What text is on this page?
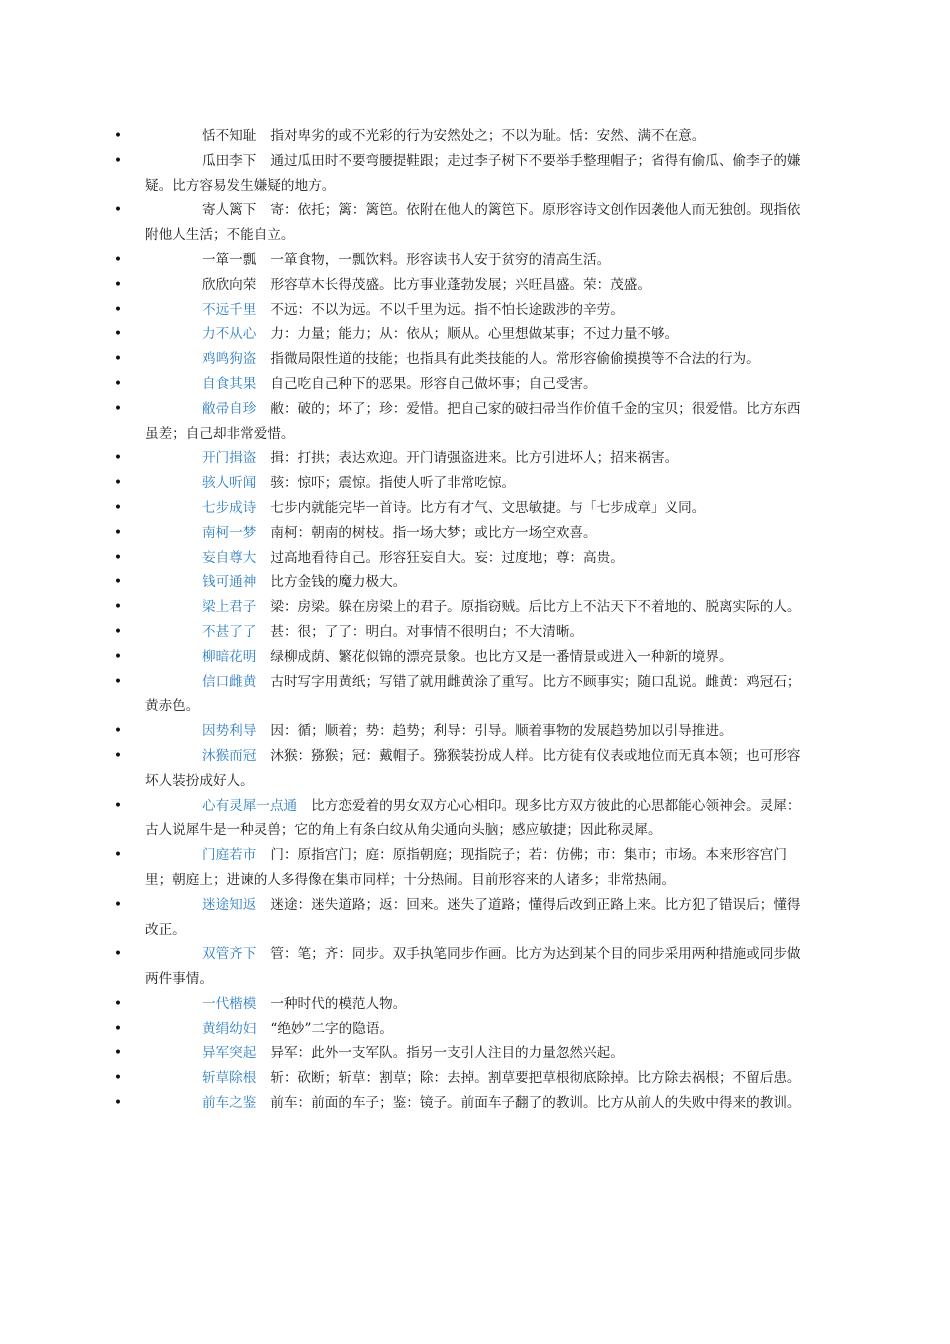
•	恬不知耻 指对卑劣的或不光彩的行为安然处之；不以为耻。恬：安然、满不在意。
•	瓜田李下 通过瓜田时不要弯腰提鞋跟；走过李子树下不要举手整理帽子；省得有偷瓜、偷李子的嫌疑。比方容易发生嫌疑的地方。
•	寄人篱下 寄：依托；篱：篱笆。依附在他人的篱笆下。原形容诗文创作因袭他人而无独创。现指依附他人生活；不能自立。
•	一箪一瓢 一箪食物，一瓢饮料。形容读书人安于贫穷的清高生活。
•	欣欣向荣 形容草木长得茂盛。比方事业蓬勃发展；兴旺昌盛。荣：茂盛。
•	不远千里 不远：不以为远。不以千里为远。指不怕长途跋涉的辛劳。
•	力不从心 力：力量；能力；从：依从；顺从。心里想做某事；不过力量不够。
•	鸡鸣狗盗 指微局限性道的技能；也指具有此类技能的人。常形容偷偷摸摸等不合法的行为。
•	自食其果 自己吃自己种下的恶果。形容自己做坏事；自己受害。
•	敝帚自珍 敝：破的；坏了；珍：爱惜。把自己家的破扫帚当作价值千金的宝贝；很爱惜。比方东西虽差；自己却非常爱惜。
•	开门揖盗 揖：打拱；表达欢迎。开门请强盗进来。比方引进坏人；招来祸害。
•	骇人听闻 骇：惊吓；震惊。指使人听了非常吃惊。
•	七步成诗 七步内就能完毕一首诗。比方有才气、文思敏捷。与「七步成章」义同。
•	南柯一梦 南柯：朝南的树枝。指一场大梦；或比方一场空欢喜。
•	妄自尊大 过高地看待自己。形容狂妄自大。妄：过度地；尊：高贵。
•	钱可通神 比方金钱的魔力极大。
•	梁上君子 梁：房梁。躲在房梁上的君子。原指窃贼。后比方上不沾天下不着地的、脱离实际的人。
•	不甚了了 甚：很；了了：明白。对事情不很明白；不大清晰。
•	柳暗花明 绿柳成荫、繁花似锦的漂亮景象。也比方又是一番情景或进入一种新的境界。
•	信口雌黄 古时写字用黄纸；写错了就用雌黄涂了重写。比方不顾事实；随口乱说。雌黄：鸡冠石；黄赤色。
•	因势利导 因：循；顺着；势：趋势；利导：引导。顺着事物的发展趋势加以引导推进。
•	沐猴而冠 沐猴：猕猴；冠：戴帽子。猕猴装扮成人样。比方徒有仪表或地位而无真本领；也可形容坏人装扮成好人。
•	心有灵犀一点通 比方恋爱着的男女双方心心相印。现多比方双方彼此的心思都能心领神会。灵犀：古人说犀牛是一种灵兽；它的角上有条白纹从角尖通向头脑；感应敏捷；因此称灵犀。
•	门庭若市 门：原指宫门；庭：原指朝庭；现指院子；若：仿佛；市：集市；市场。本来形容宫门里；朝庭上；进谏的人多得像在集市同样；十分热闹。目前形容来的人诸多；非常热闹。
•	迷途知返 迷途：迷失道路；返：回来。迷失了道路；懂得后改到正路上来。比方犯了错误后；懂得改正。
•	双管齐下 管：笔；齐：同步。双手执笔同步作画。比方为达到某个目的同步采用两种措施或同步做两件事情。
•	一代楷模 一种时代的模范人物。
•	黄绢幼妇 “绝妙”二字的隐语。
•	异军突起 异军：此外一支军队。指另一支引人注目的力量忽然兴起。
•	斩草除根 斩：砍断；斩草：割草；除：去掉。割草要把草根彻底除掉。比方除去祸根；不留后患。
•	前车之鉴 前车：前面的车子；鉴：镜子。前面车子翻了的教训。比方从前人的失败中得来的教训。
